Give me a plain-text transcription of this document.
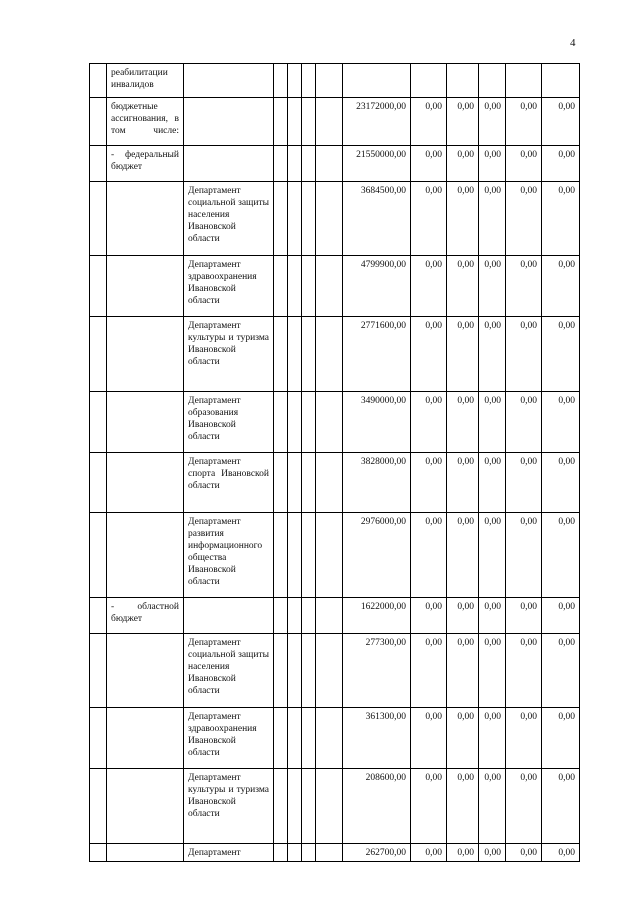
4
	реабилитации инвалидов											
	бюджетные ассигнования, в том числе:						23172000,00	0,00	0,00	0,00	0,00	0,00
	- федеральный бюджет						21550000,00	0,00	0,00	0,00	0,00	0,00
		Департамент социальной защиты населения Ивановской области					3684500,00	0,00	0,00	0,00	0,00	0,00
		Департамент здравоохранения Ивановской области					4799900,00	0,00	0,00	0,00	0,00	0,00
		Департамент культуры и туризма Ивановской области					2771600,00	0,00	0,00	0,00	0,00	0,00
		Департамент образования Ивановской области					3490000,00	0,00	0,00	0,00	0,00	0,00
		Департамент спорта Ивановской области					3828000,00	0,00	0,00	0,00	0,00	0,00
		Департамент развития информационного общества Ивановской области					2976000,00	0,00	0,00	0,00	0,00	0,00
	- областной бюджет						1622000,00	0,00	0,00	0,00	0,00	0,00
		Департамент социальной защиты населения Ивановской области					277300,00	0,00	0,00	0,00	0,00	0,00
		Департамент здравоохранения Ивановской области					361300,00	0,00	0,00	0,00	0,00	0,00
		Департамент культуры и туризма Ивановской области					208600,00	0,00	0,00	0,00	0,00	0,00
		Департамент					262700,00	0,00	0,00	0,00	0,00	0,00
